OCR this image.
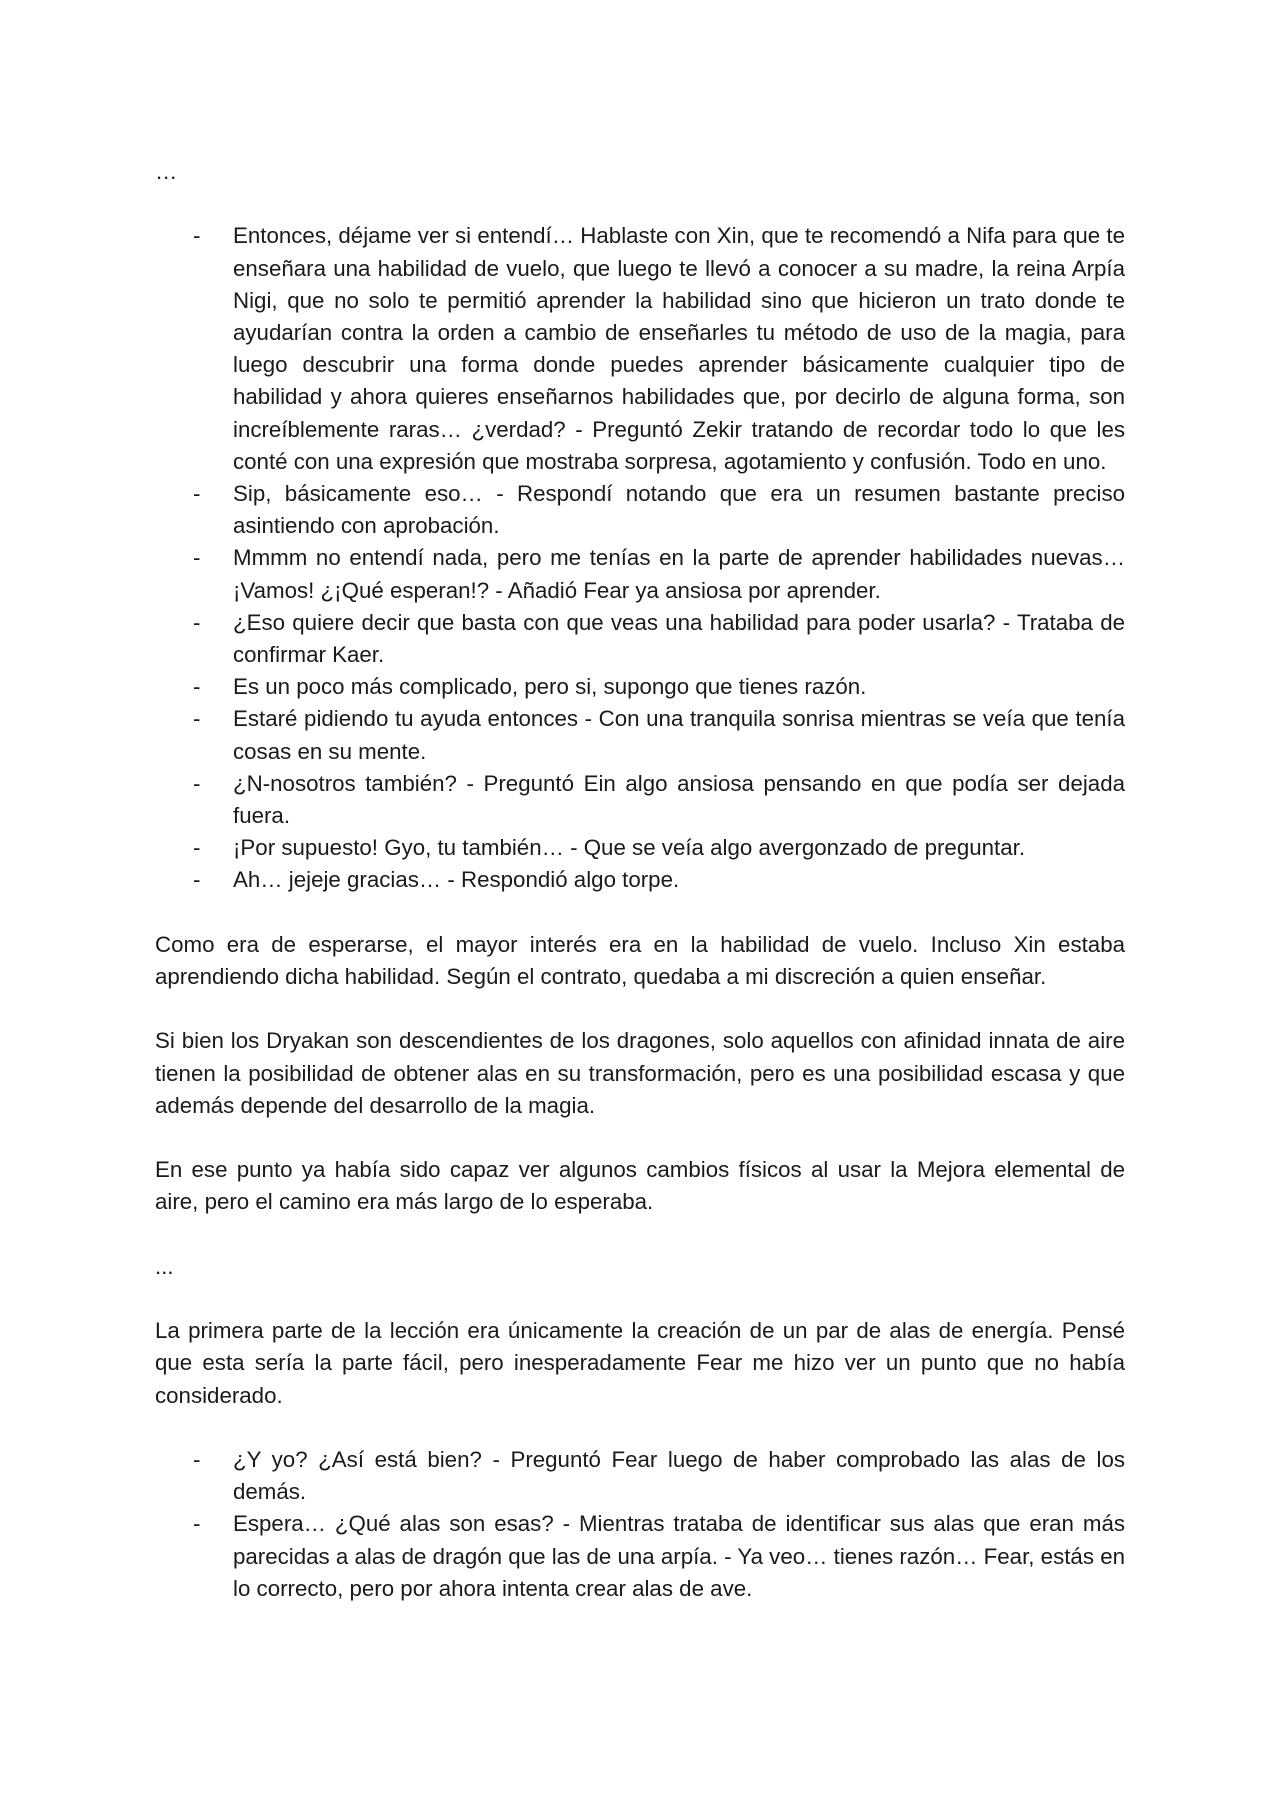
…

- Entonces, déjame ver si entendí… Hablaste con Xin, que te recomendó a Nifa para que te enseñara una habilidad de vuelo, que luego te llevó a conocer a su madre, la reina Arpía Nigi, que no solo te permitió aprender la habilidad sino que hicieron un trato donde te ayudarían contra la orden a cambio de enseñarles tu método de uso de la magia, para luego descubrir una forma donde puedes aprender básicamente cualquier tipo de habilidad y ahora quieres enseñarnos habilidades que, por decirlo de alguna forma, son increíblemente raras… ¿verdad? - Preguntó Zekir tratando de recordar todo lo que les conté con una expresión que mostraba sorpresa, agotamiento y confusión. Todo en uno.
- Sip, básicamente eso… - Respondí notando que era un resumen bastante preciso asintiendo con aprobación.
- Mmmm no entendí nada, pero me tenías en la parte de aprender habilidades nuevas… ¡Vamos! ¿¡Qué esperan!? - Añadió Fear ya ansiosa por aprender.
- ¿Eso quiere decir que basta con que veas una habilidad para poder usarla? - Trataba de confirmar Kaer.
- Es un poco más complicado, pero si, supongo que tienes razón.
- Estaré pidiendo tu ayuda entonces - Con una tranquila sonrisa mientras se veía que tenía cosas en su mente.
- ¿N-nosotros también? - Preguntó Ein algo ansiosa pensando en que podía ser dejada fuera.
- ¡Por supuesto! Gyo, tu también… - Que se veía algo avergonzado de preguntar.
- Ah… jejeje gracias… - Respondió algo torpe.

Como era de esperarse, el mayor interés era en la habilidad de vuelo. Incluso Xin estaba aprendiendo dicha habilidad. Según el contrato, quedaba a mi discreción a quien enseñar.

Si bien los Dryakan son descendientes de los dragones, solo aquellos con afinidad innata de aire tienen la posibilidad de obtener alas en su transformación, pero es una posibilidad escasa y que además depende del desarrollo de la magia.

En ese punto ya había sido capaz ver algunos cambios físicos al usar la Mejora elemental de aire, pero el camino era más largo de lo esperaba.

...

La primera parte de la lección era únicamente la creación de un par de alas de energía. Pensé que esta sería la parte fácil, pero inesperadamente Fear me hizo ver un punto que no había considerado.

- ¿Y yo? ¿Así está bien? - Preguntó Fear luego de haber comprobado las alas de los demás.
- Espera… ¿Qué alas son esas? - Mientras trataba de identificar sus alas que eran más parecidas a alas de dragón que las de una arpía. - Ya veo… tienes razón… Fear, estás en lo correcto, pero por ahora intenta crear alas de ave.
